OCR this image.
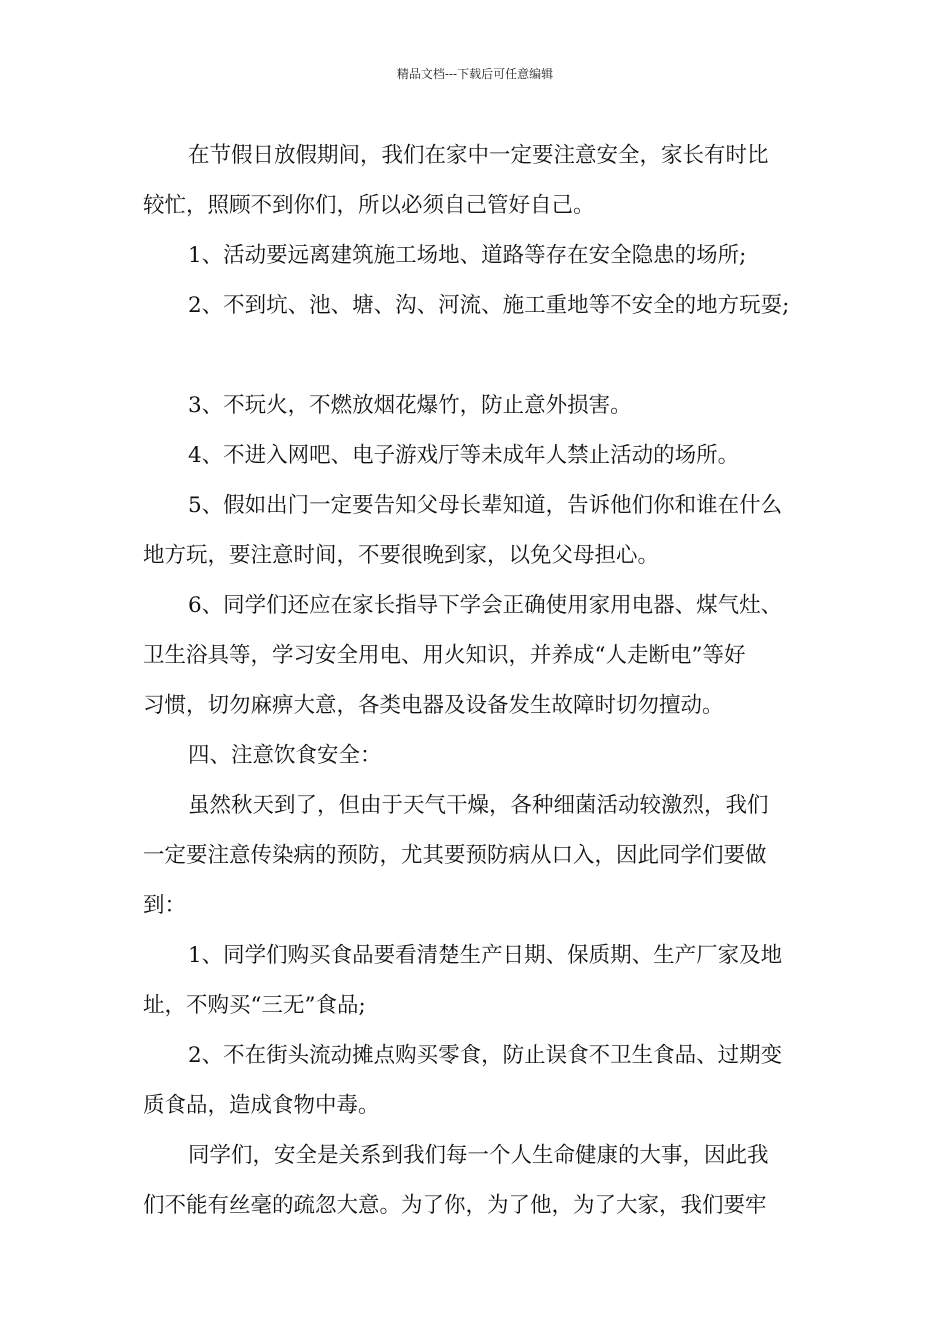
精品文档---下载后可任意编辑

在节假日放假期间，我们在家中一定要注意安全，家长有时比

较忙，照顾不到你们，所以必须自己管好自己。

1、活动要远离建筑施工场地、道路等存在安全隐患的场所;

2、不到坑、池、塘、沟、河流、施工重地等不安全的地方玩耍;

3、不玩火，不燃放烟花爆竹，防止意外损害。

4、不进入网吧、电子游戏厅等未成年人禁止活动的场所。

5、假如出门一定要告知父母长辈知道，告诉他们你和谁在什么

地方玩，要注意时间，不要很晚到家，以免父母担心。

6、同学们还应在家长指导下学会正确使用家用电器、煤气灶、

卫生浴具等，学习安全用电、用火知识，并养成“人走断电”等好

习惯，切勿麻痹大意，各类电器及设备发生故障时切勿擅动。

四、注意饮食安全：

虽然秋天到了，但由于天气干燥，各种细菌活动较激烈，我们

一定要注意传染病的预防，尤其要预防病从口入，因此同学们要做

到：

1、同学们购买食品要看清楚生产日期、保质期、生产厂家及地

址，不购买“三无”食品;

2、不在街头流动摊点购买零食，防止误食不卫生食品、过期变

质食品，造成食物中毒。

同学们，安全是关系到我们每一个人生命健康的大事，因此我

们不能有丝毫的疏忽大意。为了你，为了他，为了大家，我们要牢
